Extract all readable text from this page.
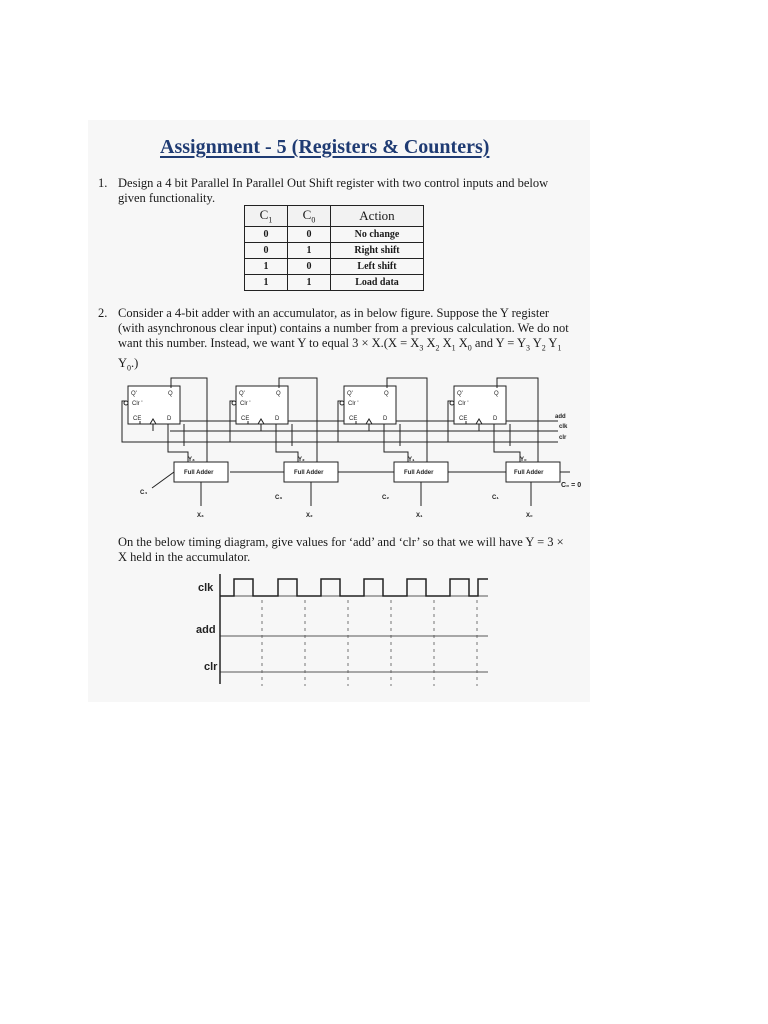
Assignment - 5 (Registers & Counters)
1. Design a 4 bit Parallel In Parallel Out Shift register with two control inputs and below given functionality.
$C_1$	$C_0$	Action
0	0	No change
0	1	Right shift
1	0	Left shift
1	1	Load data
2. Consider a 4-bit adder with an accumulator, as in below figure. Suppose the Y register (with asynchronous clear input) contains a number from a previous calculation. We do not want this number. Instead, we want Y to equal $3 \times X.(X = X_3$ $X_2$ $X_1$ $X_0$ and $Y = Y_3$ $Y_2$ $Y_1$ $Y_0$.)
add
clk
clr
Q'	Q
Clr '
CE	D
Full Adder
Y₃
C₄
X₃
Q'	Q
Clr '
CE	D
Full Adder
Y₂
C₃
X₂
Q'	Q
Clr '
CE	D
Full Adder
Y₁
C₂
X₁
Q'	Q
Clr '
CE	D
Full Adder
Y₀
C₁
X₀
C₀ = 0
On the below timing diagram, give values for ‘add’ and ‘clr’ so that we will have Y = 3 × X held in the accumulator.
clk
add
clr
